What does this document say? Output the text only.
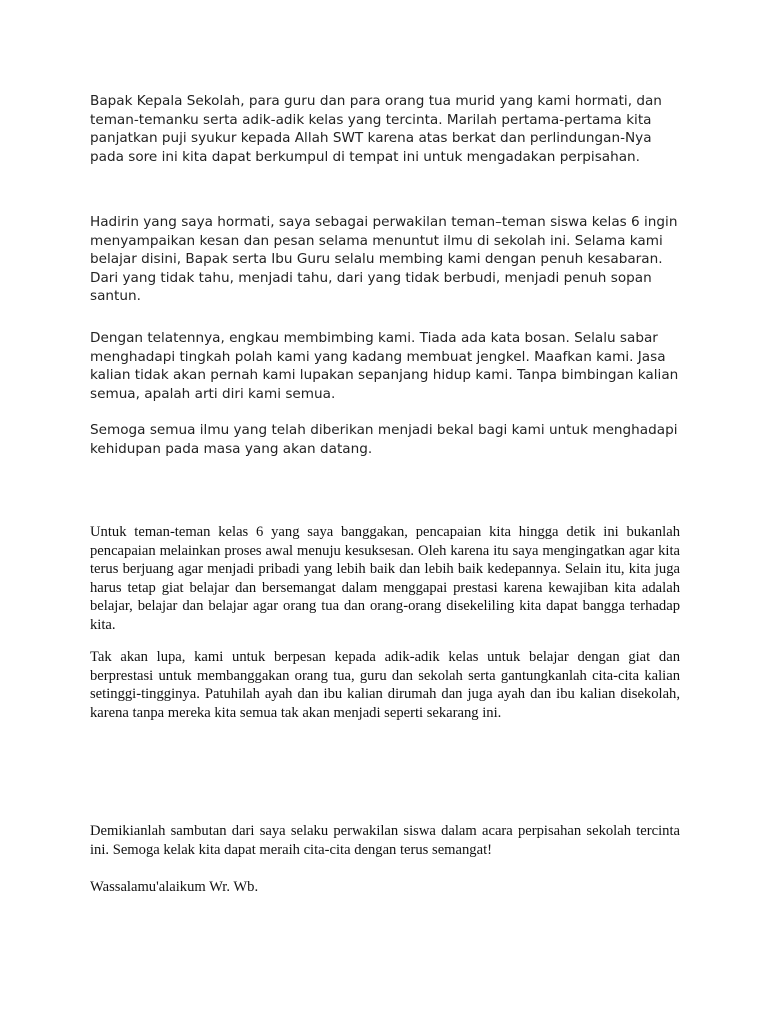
Bapak Kepala Sekolah, para guru dan para orang tua murid yang kami hormati, dan teman-temanku serta adik-adik kelas yang tercinta. Marilah pertama-pertama kita panjatkan puji syukur kepada Allah SWT karena atas berkat dan perlindungan-Nya pada sore ini kita dapat berkumpul di tempat ini untuk mengadakan perpisahan.

Hadirin yang saya hormati, saya sebagai perwakilan teman–teman siswa kelas 6 ingin menyampaikan kesan dan pesan selama menuntut ilmu di sekolah ini. Selama kami belajar disini, Bapak serta Ibu Guru selalu membing kami dengan penuh kesabaran. Dari yang tidak tahu, menjadi tahu, dari yang tidak berbudi, menjadi penuh sopan santun.

Dengan telatennya, engkau membimbing kami. Tiada ada kata bosan. Selalu sabar menghadapi tingkah polah kami yang kadang membuat jengkel. Maafkan kami. Jasa kalian tidak akan pernah kami lupakan sepanjang hidup kami. Tanpa bimbingan kalian semua, apalah arti diri kami semua.

Semoga semua ilmu yang telah diberikan menjadi bekal bagi kami untuk menghadapi kehidupan pada masa yang akan datang.

Untuk teman-teman kelas 6 yang saya banggakan, pencapaian kita hingga detik ini bukanlah pencapaian melainkan proses awal menuju kesuksesan. Oleh karena itu saya mengingatkan agar kita terus berjuang agar menjadi pribadi yang lebih baik dan lebih baik kedepannya. Selain itu, kita juga harus tetap giat belajar dan bersemangat dalam menggapai prestasi karena kewajiban kita adalah belajar, belajar dan belajar agar orang tua dan orang-orang disekeliling kita dapat bangga terhadap kita.

Tak akan lupa, kami untuk berpesan kepada adik-adik kelas untuk belajar dengan giat dan berprestasi untuk membanggakan orang tua, guru dan sekolah serta gantungkanlah cita-cita kalian setinggi-tingginya. Patuhilah ayah dan ibu kalian dirumah dan juga ayah dan ibu kalian disekolah, karena tanpa mereka kita semua tak akan menjadi seperti sekarang ini.

Demikianlah sambutan dari saya selaku perwakilan siswa dalam acara perpisahan sekolah tercinta ini. Semoga kelak kita dapat meraih cita-cita dengan terus semangat!

Wassalamu'alaikum Wr. Wb.
